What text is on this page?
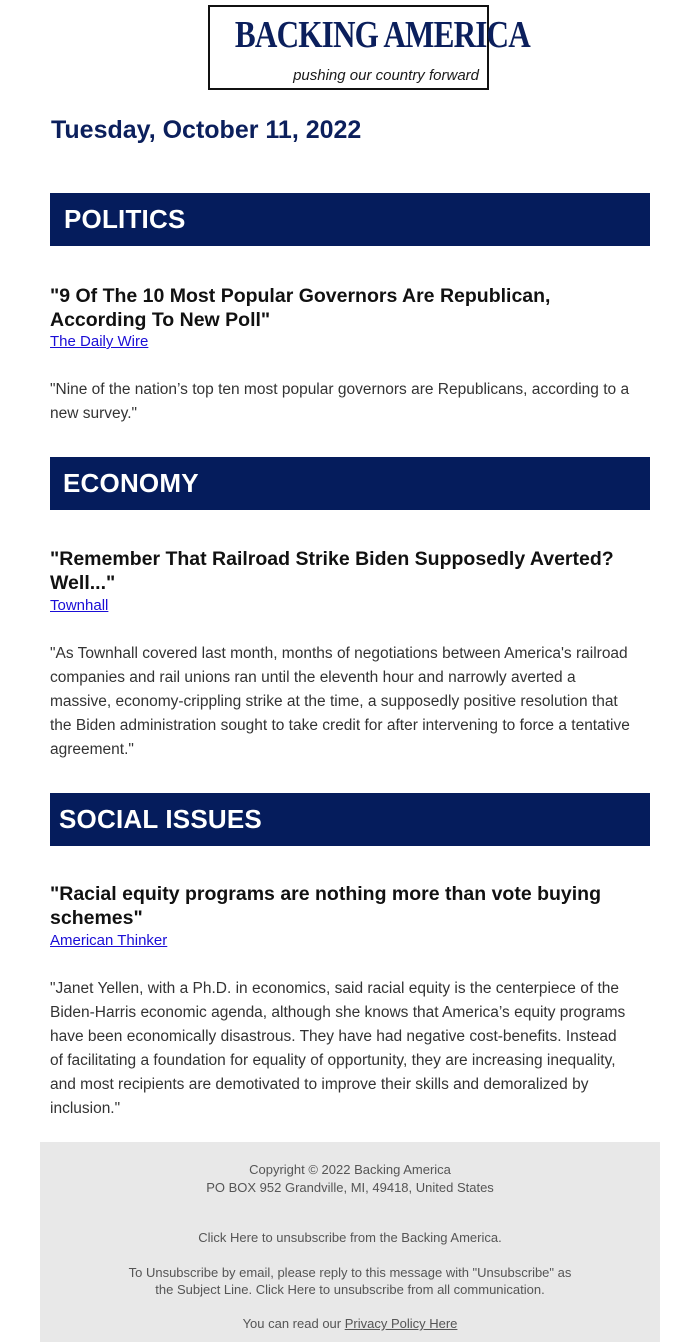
BACKING AMERICA
pushing our country forward
Tuesday, October 11, 2022
POLITICS
"9 Of The 10 Most Popular Governors Are Republican,
According To New Poll"
The Daily Wire
"Nine of the nation’s top ten most popular governors are Republicans, according to a
new survey."
ECONOMY
"Remember That Railroad Strike Biden Supposedly Averted?
Well..."
Townhall
"As Townhall covered last month, months of negotiations between America's railroad
companies and rail unions ran until the eleventh hour and narrowly averted a
massive, economy-crippling strike at the time, a supposedly positive resolution that
the Biden administration sought to take credit for after intervening to force a tentative
agreement."
SOCIAL ISSUES
"Racial equity programs are nothing more than vote buying
schemes"
American Thinker
"Janet Yellen, with a Ph.D. in economics, said racial equity is the centerpiece of the
Biden-Harris economic agenda, although she knows that America’s equity programs
have been economically disastrous. They have had negative cost-benefits. Instead
of facilitating a foundation for equality of opportunity, they are increasing inequality,
and most recipients are demotivated to improve their skills and demoralized by
inclusion."
Copyright © 2022 Backing America
PO BOX 952 Grandville, MI, 49418, United States
Click Here to unsubscribe from the Backing America.
To Unsubscribe by email, please reply to this message with "Unsubscribe" as
the Subject Line. Click Here to unsubscribe from all communication.
You can read our Privacy Policy Here
